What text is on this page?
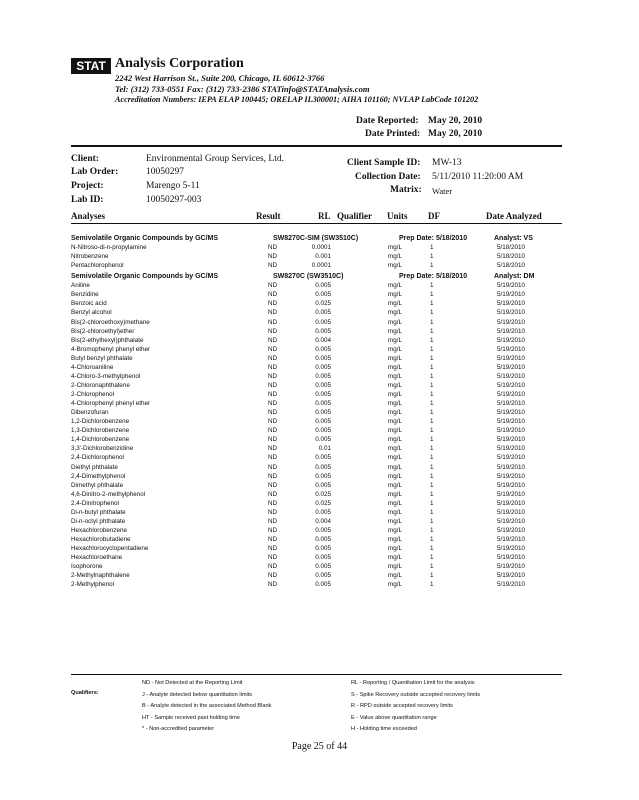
STAT Analysis Corporation
2242 West Harrison St., Suite 200, Chicago, IL 60612-3766
Tel: (312) 733-0551 Fax: (312) 733-2386 STATinfo@STATAnalysis.com
Accreditation Numbers: IEPA ELAP 100445; ORELAP IL300001; AIHA 101160; NVLAP LabCode 101202
Date Reported: May 20, 2010
Date Printed: May 20, 2010
Client:	Environmental Group Services, Ltd.
Lab Order:	10050297
Project:	Marengo 5-11
Lab ID:	10050297-003
Client Sample ID: MW-13
Collection Date: 5/11/2010 11:20:00 AM
Matrix: Water
Analyses	Result	RL Qualifier Units DF	Date Analyzed
Semivolatile Organic Compounds by GC/MS	SW8270C-SIM (SW3510C)	Prep Date: 5/18/2010	Analyst: VS
N-Nitroso-di-n-propylamine	ND	0.0001	mg/L	1	5/18/2010
Nitrobenzene	ND	0.001	mg/L	1	5/18/2010
Pentachlorophenol	ND	0.0001	mg/L	1	5/18/2010
Semivolatile Organic Compounds by GC/MS	SW8270C (SW3510C)	Prep Date: 5/18/2010	Analyst: DM
Aniline	ND	0.005	mg/L	1	5/19/2010
Benzidine	ND	0.005	mg/L	1	5/19/2010
Benzoic acid	ND	0.025	mg/L	1	5/19/2010
Benzyl alcohol	ND	0.005	mg/L	1	5/19/2010
Bis(2-chloroethoxy)methane	ND	0.005	mg/L	1	5/19/2010
Bis(2-chloroethyl)ether	ND	0.005	mg/L	1	5/19/2010
Bis(2-ethylhexyl)phthalate	ND	0.004	mg/L	1	5/19/2010
4-Bromophenyl phenyl ether	ND	0.005	mg/L	1	5/19/2010
Butyl benzyl phthalate	ND	0.005	mg/L	1	5/19/2010
4-Chloroaniline	ND	0.005	mg/L	1	5/19/2010
4-Chloro-3-methylphenol	ND	0.005	mg/L	1	5/19/2010
2-Chloronaphthalene	ND	0.005	mg/L	1	5/19/2010
2-Chlorophenol	ND	0.005	mg/L	1	5/19/2010
4-Chlorophenyl phenyl ether	ND	0.005	mg/L	1	5/19/2010
Dibenzofuran	ND	0.005	mg/L	1	5/19/2010
1,2-Dichlorobenzene	ND	0.005	mg/L	1	5/19/2010
1,3-Dichlorobenzene	ND	0.005	mg/L	1	5/19/2010
1,4-Dichlorobenzene	ND	0.005	mg/L	1	5/19/2010
3,3'-Dichlorobenzidine	ND	0.01	mg/L	1	5/19/2010
2,4-Dichlorophenol	ND	0.005	mg/L	1	5/19/2010
Diethyl phthalate	ND	0.005	mg/L	1	5/19/2010
2,4-Dimethylphenol	ND	0.005	mg/L	1	5/19/2010
Dimethyl phthalate	ND	0.005	mg/L	1	5/19/2010
4,6-Dinitro-2-methylphenol	ND	0.025	mg/L	1	5/19/2010
2,4-Dinitrophenol	ND	0.025	mg/L	1	5/19/2010
Di-n-butyl phthalate	ND	0.005	mg/L	1	5/19/2010
Di-n-octyl phthalate	ND	0.004	mg/L	1	5/19/2010
Hexachlorobenzene	ND	0.005	mg/L	1	5/19/2010
Hexachlorobutadiene	ND	0.005	mg/L	1	5/19/2010
Hexachlorocyclopentadiene	ND	0.005	mg/L	1	5/19/2010
Hexachloroethane	ND	0.005	mg/L	1	5/19/2010
Isophorone	ND	0.005	mg/L	1	5/19/2010
2-Methylnaphthalene	ND	0.005	mg/L	1	5/19/2010
2-Methylphenol	ND	0.005	mg/L	1	5/19/2010
Qualifiers:
ND - Not Detected at the Reporting Limit
J - Analyte detected below quantitation limits
B - Analyte detected in the associated Method Blank
HT - Sample received past holding time
* - Non-accredited parameter
RL - Reporting / Quantitation Limit for the analysis
S - Spike Recovery outside accepted recovery limits
R - RPD outside accepted recovery limits
E - Value above quantitation range
H - Holding time exceeded
Page 25 of 44
